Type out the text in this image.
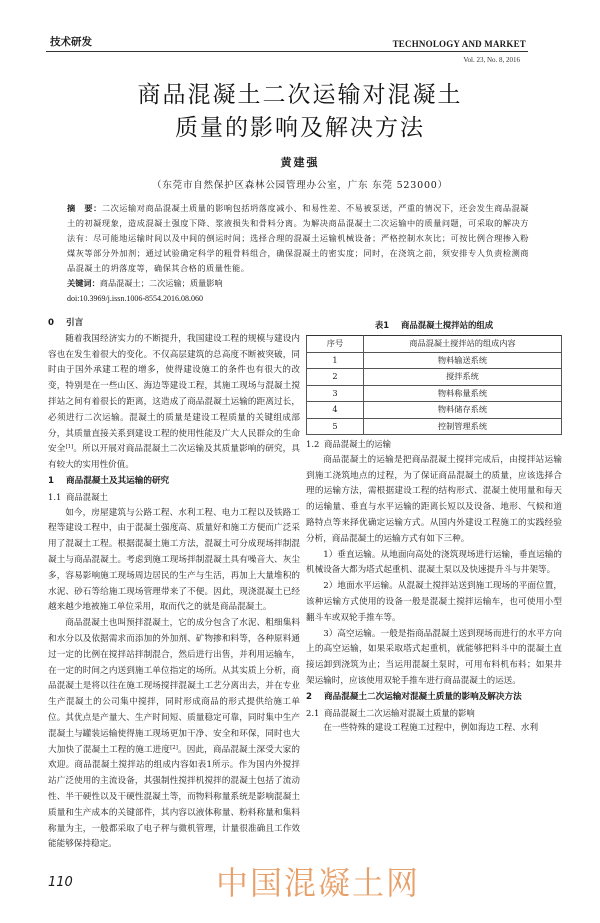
技术研发	TECHNOLOGY AND MARKET
Vol. 23, No. 8, 2016
商品混凝土二次运输对混凝土
质量的影响及解决方法
黄建强
（东莞市自然保护区森林公园管理办公室，广东 东莞 523000）
摘　要：二次运输对商品混凝土质量的影响包括坍落度减小、和易性差、不易被泵送，严重的情况下，还会发生商品混凝土的初凝现象，造成混凝土强度下降、浆液损失和骨料分离。为解决商品混凝土二次运输中的质量问题，可采取的解决方法有：尽可能地运输时间以及中间的倒运时间；选择合理的混凝土运输机械设备；严格控制水灰比；可按比例合理掺入粉煤灰等部分外加剂；通过试验确定科学的粗骨料组合，确保混凝土的密实度；同时，在浇筑之前，须安排专人负责检测商品混凝土的坍落度等，确保其合格的质量性能。
关键词：商品混凝土；二次运输；质量影响
doi:10.3969/j.issn.1006-8554.2016.08.060
0 引言

随着我国经济实力的不断提升，我国建设工程的规模与建设内容也在发生着很大的变化。不仅高层建筑的总高度不断被突破，同时由于国外承建工程的增多，使得建设施工的条件也有很大的改变，特别是在一些山区、海边等建设工程，其施工现场与混凝土搅拌站之间有着很长的距离，这造成了商品混凝土运输的距离过长，必须进行二次运输。混凝土的质量是建设工程质量的关键组成部分，其质量直接关系到建设工程的使用性能及广大人民群众的生命安全[1]。所以开展对商品混凝土二次运输及其质量影响的研究，具有较大的实用性价值。

1 商品混凝土及其运输的研究
1.1 商品混凝土

如今，房屋建筑与公路工程、水利工程、电力工程以及铁路工程等建设工程中，由于混凝土强度高、质量好和施工方便而广泛采用了混凝土工程。根据混凝土施工方法，混凝土可分成现场拌制混凝土与商品混凝土。考虑到施工现场拌制混凝土具有噪音大、灰尘多，容易影响施工现场周边居民的生产与生活，再加上大量堆积的水泥、砂石等给施工现场管理带来了不便。因此，现浇混凝土已经越来越少地被施工单位采用，取而代之的就是商品混凝土。

商品混凝土也叫预拌混凝土，它的成分包含了水泥、粗细集料和水分以及依据需求而添加的外加剂、矿物掺和料等，各种原料通过一定的比例在搅拌站拌制混合，然后进行出售，并利用运输车，在一定的时间之内送到施工单位指定的场所。从其实质上分析，商品混凝土是将以往在施工现场搅拌混凝土工艺分离出去，并在专业生产混凝土的公司集中搅拌，同时形成商品的形式提供给施工单位。其优点是产量大、生产时间短、质量稳定可靠，同时集中生产混凝土与罐装运输使得施工现场更加干净、安全和环保，同时也大大加快了混凝土工程的施工进度[2]。因此，商品混凝土深受大家的欢迎。商品混凝土搅拌站的组成内容如表1所示。作为国内外搅拌站广泛使用的主流设备，其强制性搅拌机搅拌的混凝土包括了流动性、半干硬性以及干硬性混凝土等，而物料称量系统是影响混凝土质量和生产成本的关键部件，其内容以液体称量、粉料称量和集料称量为主，一般都采取了电子秤与微机管理，计量很准确且工作效能能够保持稳定。

表1 商品混凝土搅拌站的组成
序号	商品混凝土搅拌站的组成内容
1	物料输送系统
2	搅拌系统
3	物料称量系统
4	物料储存系统
5	控制管理系统
1.2 商品混凝土的运输

商品混凝土的运输是把商品混凝土搅拌完成后，由搅拌站运输到施工浇筑地点的过程，为了保证商品混凝土的质量，应该选择合理的运输方法，需根据建设工程的结构形式、混凝土使用量和每天的运输量、垂直与水平运输的距离长短以及设备、地形、气候和道路特点等来择优确定运输方式。从国内外建设工程施工的实践经验分析，商品混凝土的运输方式有如下三种。

1）垂直运输。从地面向高处的浇筑现场进行运输，垂直运输的机械设备大都为塔式起重机、混凝土泵以及快速提升斗与井架等。

2）地面水平运输。从混凝土搅拌站送到施工现场的平面位置，该种运输方式使用的设备一般是混凝土搅拌运输车，也可使用小型翻斗车或双轮手推车等。

3）高空运输。一般是指商品混凝土送到现场而进行的水平方向上的高空运输，如果采取塔式起重机，就能够把料斗中的混凝土直接运卸到浇筑为止；当运用混凝土泵时，可用布料机布料；如果井架运输时，应该使用双轮手推车进行商品混凝土的运送。

2 商品混凝土二次运输对混凝土质量的影响及解决方法
2.1 商品混凝土二次运输对混凝土质量的影响

在一些特殊的建设工程施工过程中，例如海边工程、水利

110	中国混凝土网
